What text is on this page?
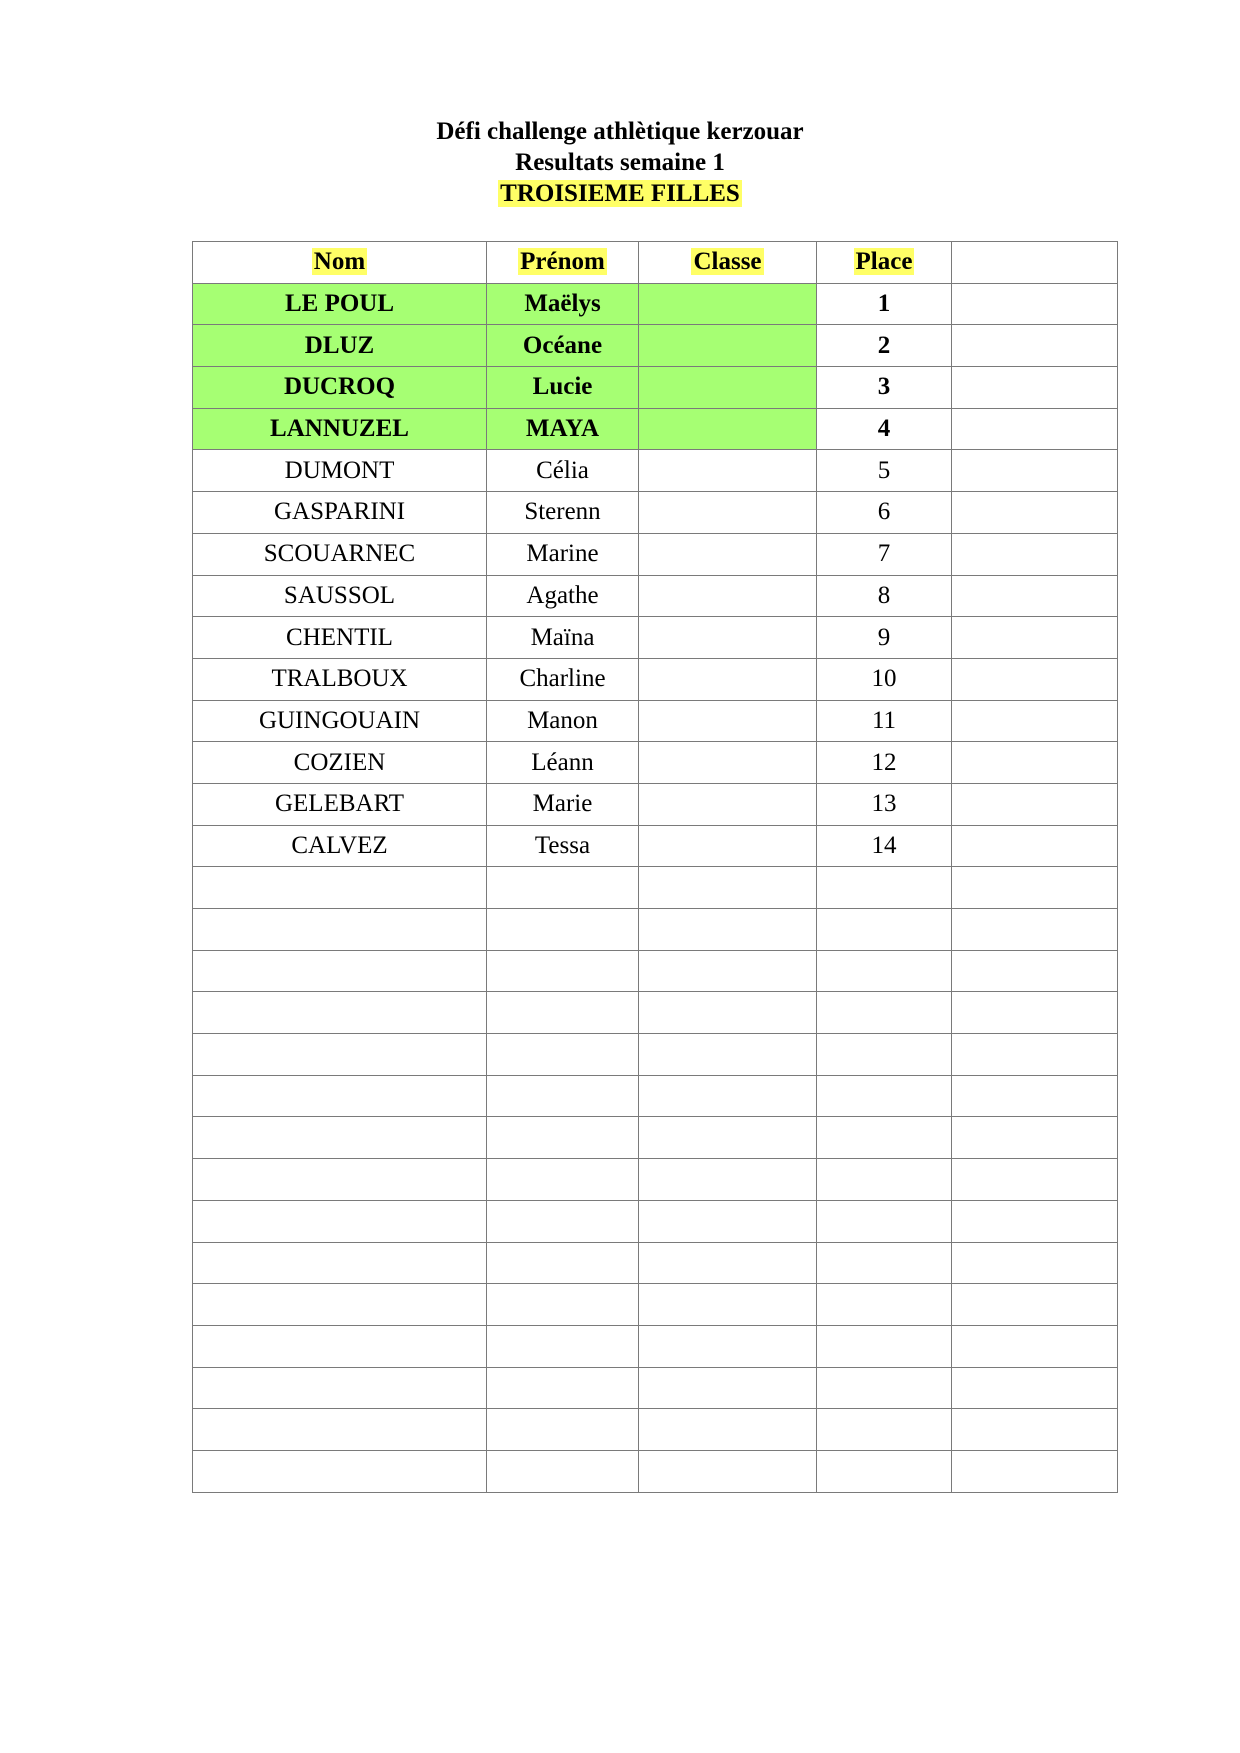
Défi challenge athlètique kerzouar
Resultats semaine 1
TROISIEME FILLES
Nom	Prénom	Classe	Place	
LE POUL	Maëlys		1	
DLUZ	Océane		2	
DUCROQ	Lucie		3	
LANNUZEL	MAYA		4	
DUMONT	Célia		5	
GASPARINI	Sterenn		6	
SCOUARNEC	Marine		7	
SAUSSOL	Agathe		8	
CHENTIL	Maïna		9	
TRALBOUX	Charline		10	
GUINGOUAIN	Manon		11	
COZIEN	Léann		12	
GELEBART	Marie		13	
CALVEZ	Tessa		14	
